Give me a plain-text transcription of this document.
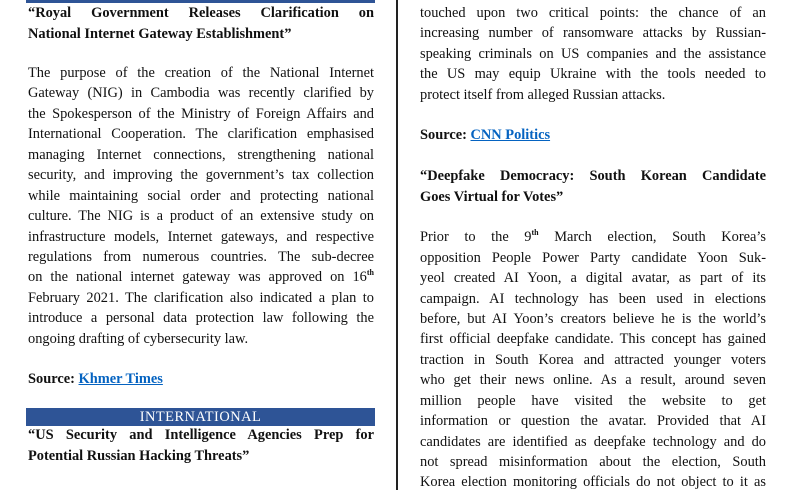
“Royal Government Releases Clarification on
National Internet Gateway Establishment”
The purpose of the creation of the National Internet
Gateway (NIG) in Cambodia was recently clarified by
the Spokesperson of the Ministry of Foreign Affairs and
International Cooperation. The clarification emphasised
managing Internet connections, strengthening national
security, and improving the government’s tax collection
while maintaining social order and protecting national
culture. The NIG is a product of an extensive study on
infrastructure models, Internet gateways, and respective
regulations from numerous countries. The sub-decree
on the national internet gateway was approved on 16th
February 2021. The clarification also indicated a plan to
introduce a personal data protection law following the
ongoing drafting of cybersecurity law.
Source: Khmer Times
INTERNATIONAL
“US Security and Intelligence Agencies Prep for
Potential Russian Hacking Threats”
touched upon two critical points: the chance of an
increasing number of ransomware attacks by Russian-
speaking criminals on US companies and the assistance
the US may equip Ukraine with the tools needed to
protect itself from alleged Russian attacks.
Source: CNN Politics
“Deepfake Democracy: South Korean Candidate
Goes Virtual for Votes”
Prior to the 9th March election, South Korea’s
opposition People Power Party candidate Yoon Suk-
yeol created AI Yoon, a digital avatar, as part of its
campaign. AI technology has been used in elections
before, but AI Yoon’s creators believe he is the world’s
first official deepfake candidate. This concept has gained
traction in South Korea and attracted younger voters
who get their news online. As a result, around seven
million people have visited the website to get
information or question the avatar. Provided that AI
candidates are identified as deepfake technology and do
not spread misinformation about the election, South
Korea election monitoring officials do not object to it as
